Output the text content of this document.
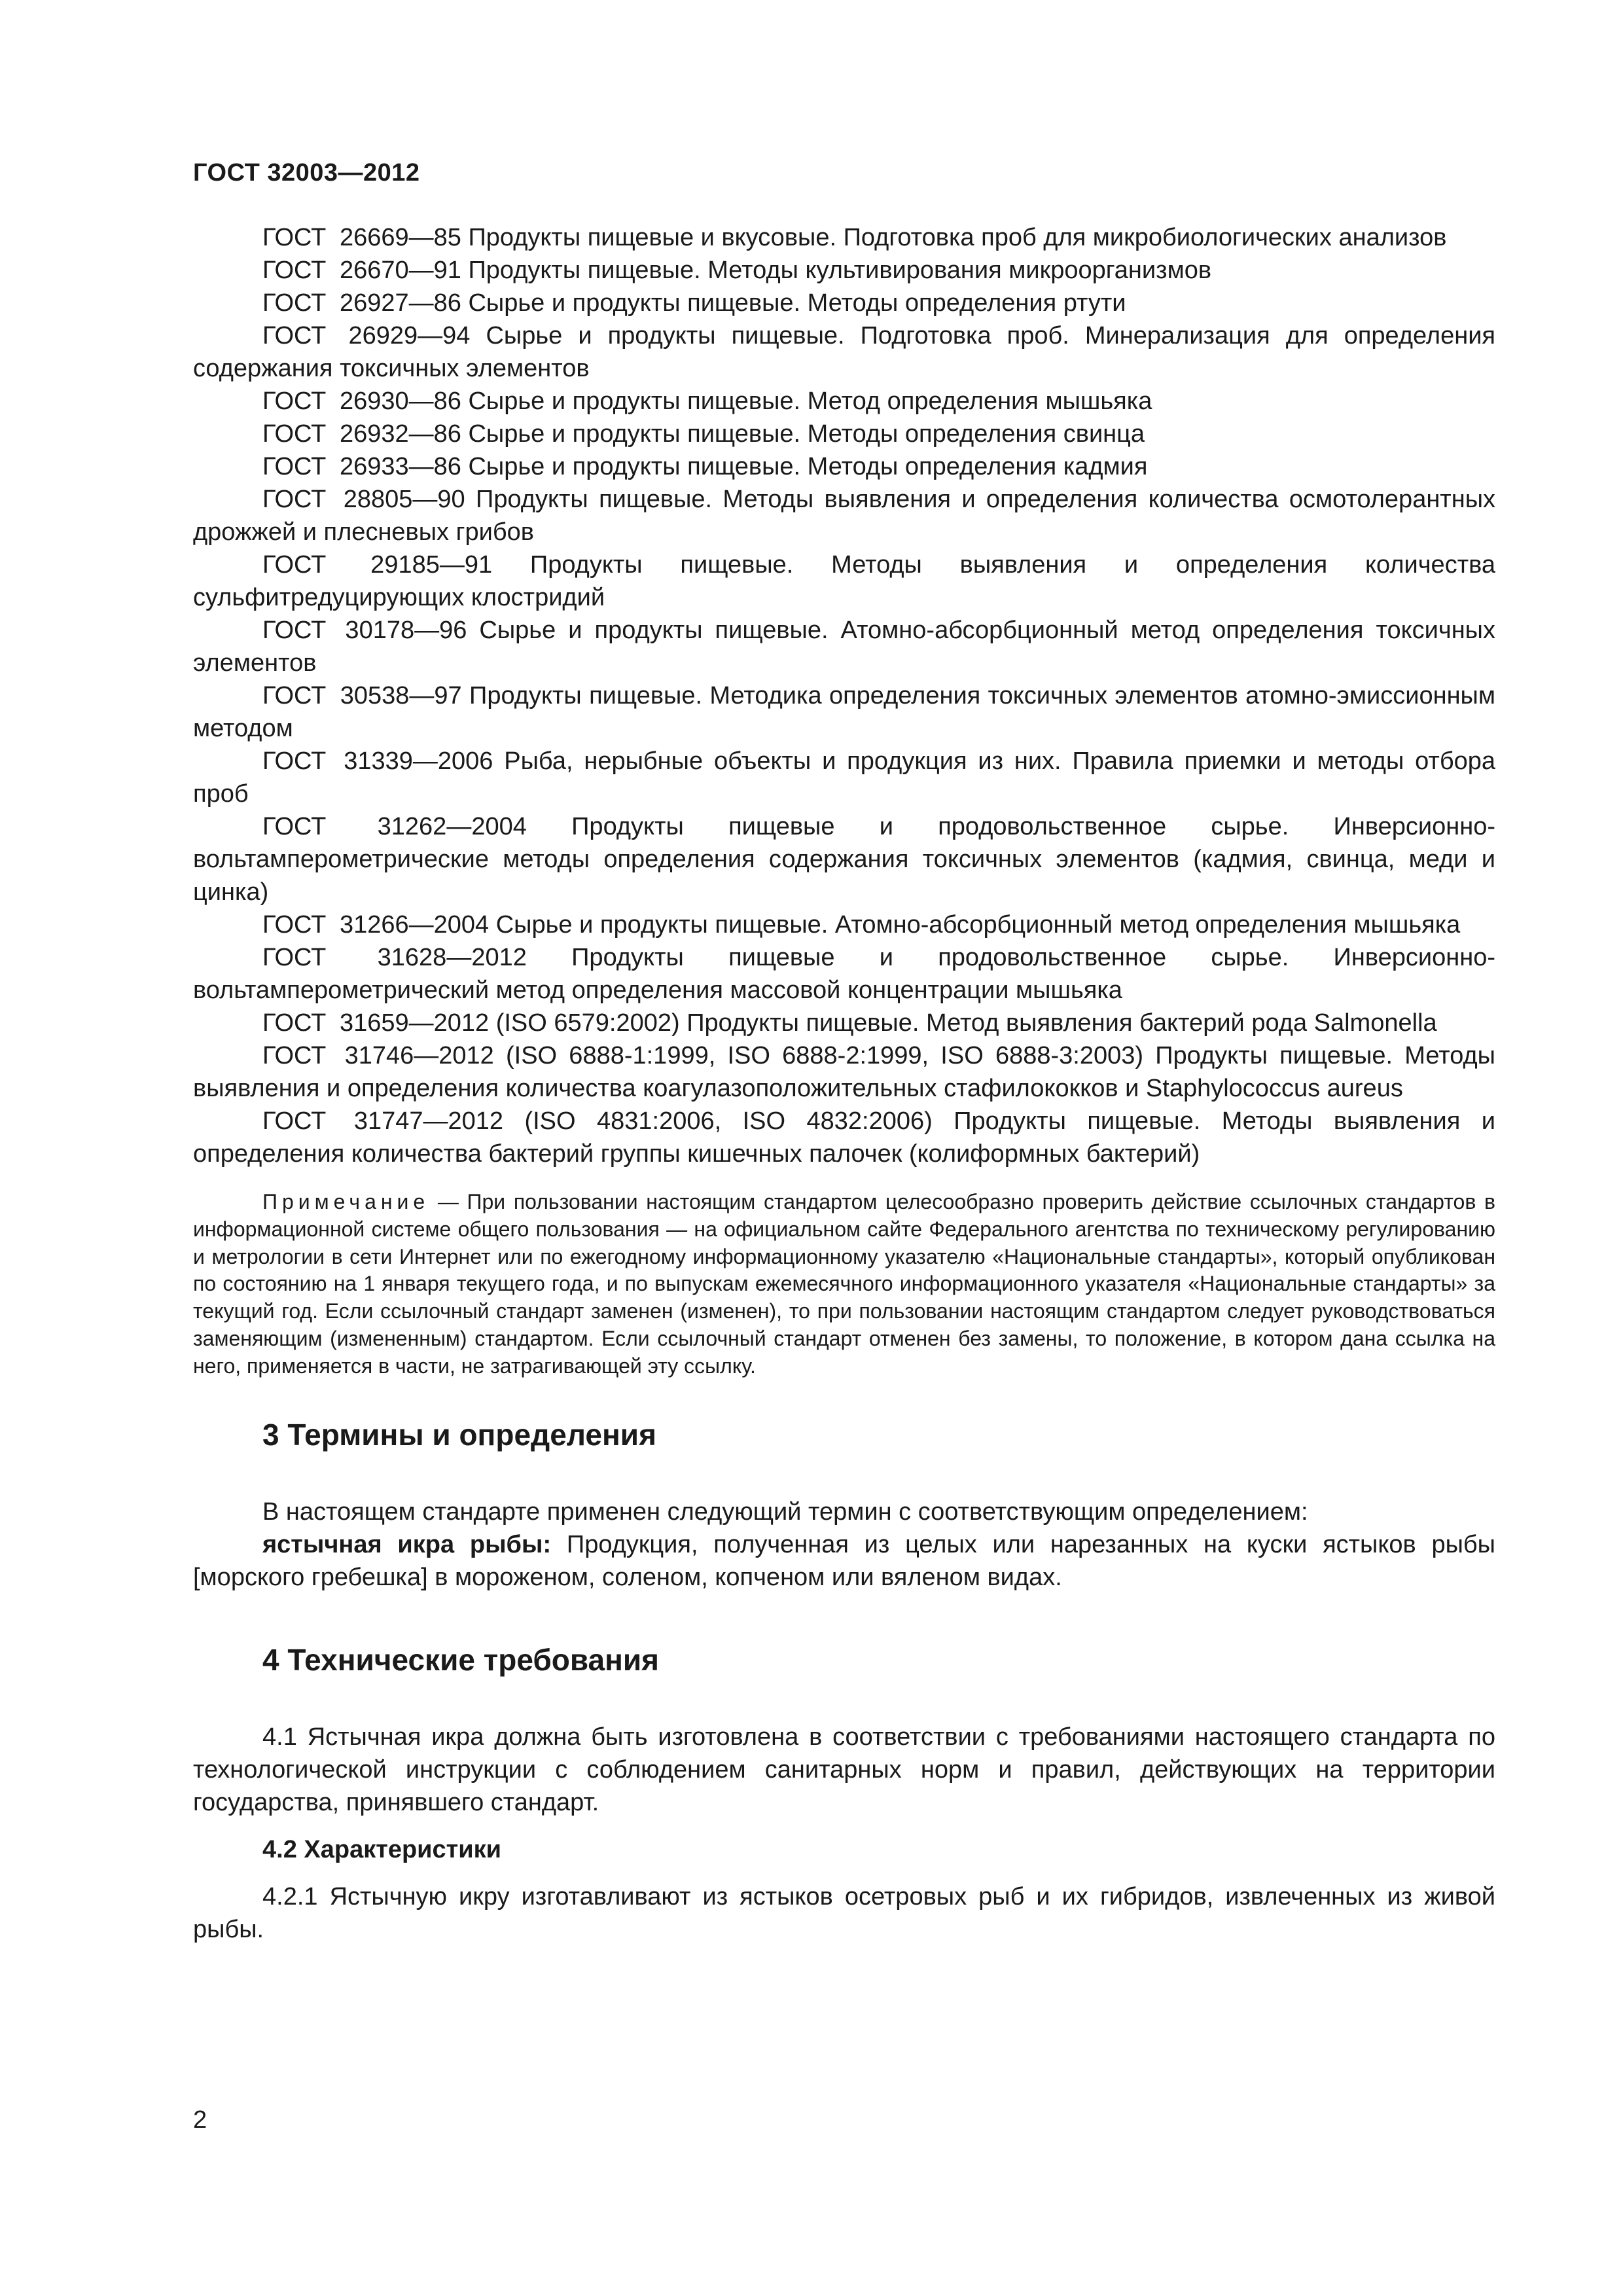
ГОСТ 32003—2012

ГОСТ 26669—85 Продукты пищевые и вкусовые. Подготовка проб для микробиологических анализов

ГОСТ 26670—91 Продукты пищевые. Методы культивирования микроорганизмов

ГОСТ 26927—86 Сырье и продукты пищевые. Методы определения ртути

ГОСТ 26929—94 Сырье и продукты пищевые. Подготовка проб. Минерализация для определения содержания токсичных элементов

ГОСТ 26930—86 Сырье и продукты пищевые. Метод определения мышьяка

ГОСТ 26932—86 Сырье и продукты пищевые. Методы определения свинца

ГОСТ 26933—86 Сырье и продукты пищевые. Методы определения кадмия

ГОСТ 28805—90 Продукты пищевые. Методы выявления и определения количества осмотолерантных дрожжей и плесневых грибов

ГОСТ 29185—91 Продукты пищевые. Методы выявления и определения количества сульфитредуцирующих клостридий

ГОСТ 30178—96 Сырье и продукты пищевые. Атомно-абсорбционный метод определения токсичных элементов

ГОСТ 30538—97 Продукты пищевые. Методика определения токсичных элементов атомно-эмиссионным методом

ГОСТ 31339—2006 Рыба, нерыбные объекты и продукция из них. Правила приемки и методы отбора проб

ГОСТ 31262—2004 Продукты пищевые и продовольственное сырье. Инверсионно-вольтамперометрические методы определения содержания токсичных элементов (кадмия, свинца, меди и цинка)

ГОСТ 31266—2004 Сырье и продукты пищевые. Атомно-абсорбционный метод определения мышьяка

ГОСТ 31628—2012 Продукты пищевые и продовольственное сырье. Инверсионно-вольтамперометрический метод определения массовой концентрации мышьяка

ГОСТ 31659—2012 (ISO 6579:2002) Продукты пищевые. Метод выявления бактерий рода Salmonella

ГОСТ 31746—2012 (ISO 6888-1:1999, ISO 6888-2:1999, ISO 6888-3:2003) Продукты пищевые. Методы выявления и определения количества коагулазоположительных стафилококков и Staphylococcus aureus

ГОСТ 31747—2012 (ISO 4831:2006, ISO 4832:2006) Продукты пищевые. Методы выявления и определения количества бактерий группы кишечных палочек (колиформных бактерий)

Примечание — При пользовании настоящим стандартом целесообразно проверить действие ссылочных стандартов в информационной системе общего пользования — на официальном сайте Федерального агентства по техническому регулированию и метрологии в сети Интернет или по ежегодному информационному указателю «Национальные стандарты», который опубликован по состоянию на 1 января текущего года, и по выпускам ежемесячного информационного указателя «Национальные стандарты» за текущий год. Если ссылочный стандарт заменен (изменен), то при пользовании настоящим стандартом следует руководствоваться заменяющим (измененным) стандартом. Если ссылочный стандарт отменен без замены, то положение, в котором дана ссылка на него, применяется в части, не затрагивающей эту ссылку.

3 Термины и определения

В настоящем стандарте применен следующий термин с соответствующим определением:

ястычная икра рыбы: Продукция, полученная из целых или нарезанных на куски ястыков рыбы [морского гребешка] в мороженом, соленом, копченом или вяленом видах.

4 Технические требования

4.1 Ястычная икра должна быть изготовлена в соответствии с требованиями настоящего стандарта по технологической инструкции с соблюдением санитарных норм и правил, действующих на территории государства, принявшего стандарт.

4.2 Характеристики

4.2.1 Ястычную икру изготавливают из ястыков осетровых рыб и их гибридов, извлеченных из живой рыбы.

2
